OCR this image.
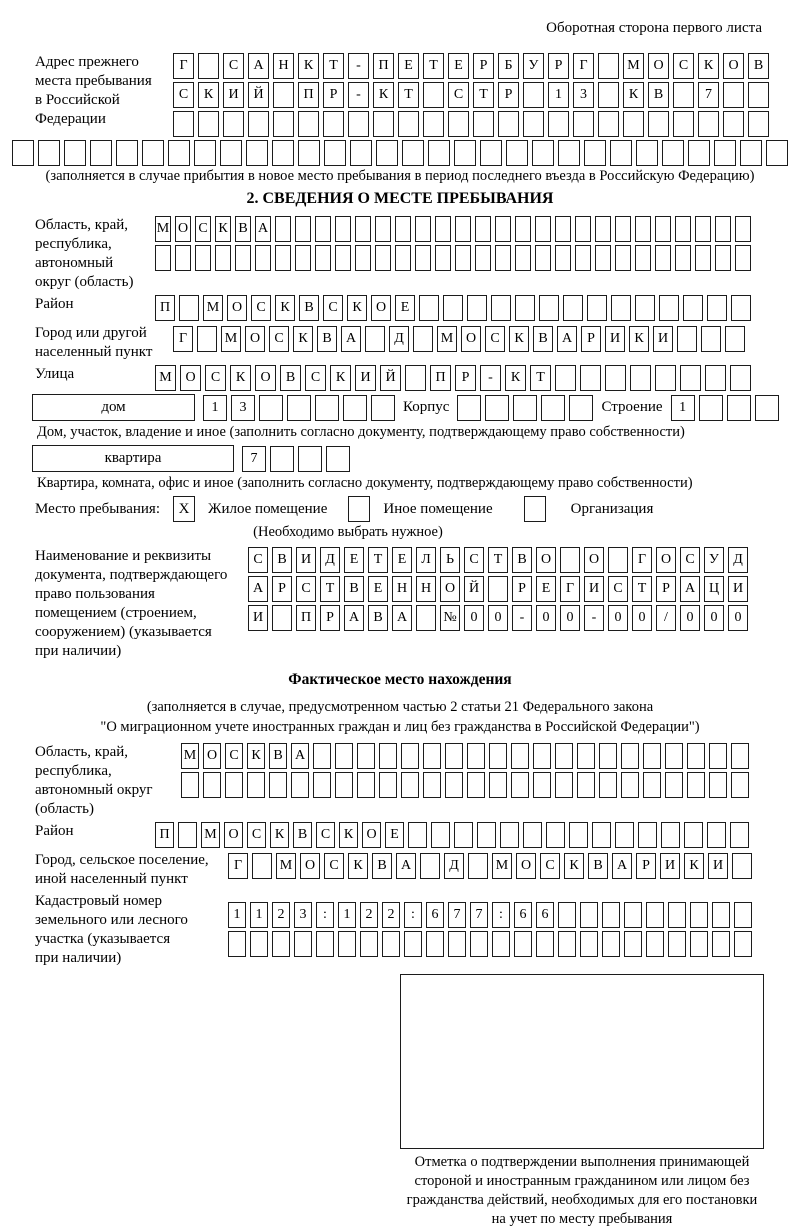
Оборотная сторона первого листа
Адрес прежнего
места пребывания
в Российской
Федерации
Г	С	А	Н	К	Т	-	П	Е	Т	Е	Р	Б	У	Р	Г	М О	С	К	О	В
С	К	И	Й	П	Р	-	К	Т	С	Т	Р	1	3	К	В	7
(заполняется в случае прибытия в новое место пребывания в период последнего въезда в Российскую Федерацию)
2. СВЕДЕНИЯ О МЕСТЕ ПРЕБЫВАНИЯ
Область, край,
республика,
автономный
округ (область)
М О С К В А
Район	П	М О	С	К	В	С	К	О	Е
Город или другой
населенный пункт
Г	М О	С	К	В	А	Д	М О	С	К	В	А	Р	И	К	И
Улица	М О	С	К	О	В	С	К	И	Й	П	Р	-	К	Т
дом	1	3	Корпус	Строение	1
Дом, участок, владение и иное (заполнить согласно документу, подтверждающему право собственности)
квартира	7
Квартира, комната, офис и иное (заполнить согласно документу, подтверждающему право собственности)
Место пребывания:	X	Жилое помещение	Иное помещение	Организация
(Необходимо выбрать нужное)
Наименование и реквизиты
документа, подтверждающего
право пользования
помещением (строением,
сооружением) (указывается
при наличии)
С	В	И	Д	Е	Т	Е	Л	Ь	С	Т	В	О	О	Г	О	С	У	Д
А	Р	С	Т	В	Е	Н Н О Й	Р	Е	Г	И	С	Т	Р	А Ц И
И	П	Р	А	В	А	№ 0	0	-	0	0	-	0	0	/	0	0	0
Фактическое место нахождения
(заполняется в случае, предусмотренном частью 2 статьи 21 Федерального закона
"О миграционном учете иностранных граждан и лиц без гражданства в Российской Федерации")
Область, край,
республика,
автономный округ
(область)
М О С К В А
Район	П	М О С К В С К О Е
Город, сельское поселение,
иной населенный пункт
Г	М О	С	К	В	А	Д	М О	С	К	В	А	Р	И	К	И
Кадастровый номер
земельного или лесного
участка (указывается
при наличии)
1	1	2	3	:	1	2	2	:	6	7	7	:	6	6
Отметка о подтверждении выполнения принимающей
стороной и иностранным гражданином или лицом без
гражданства действий, необходимых для его постановки
на учет по месту пребывания
